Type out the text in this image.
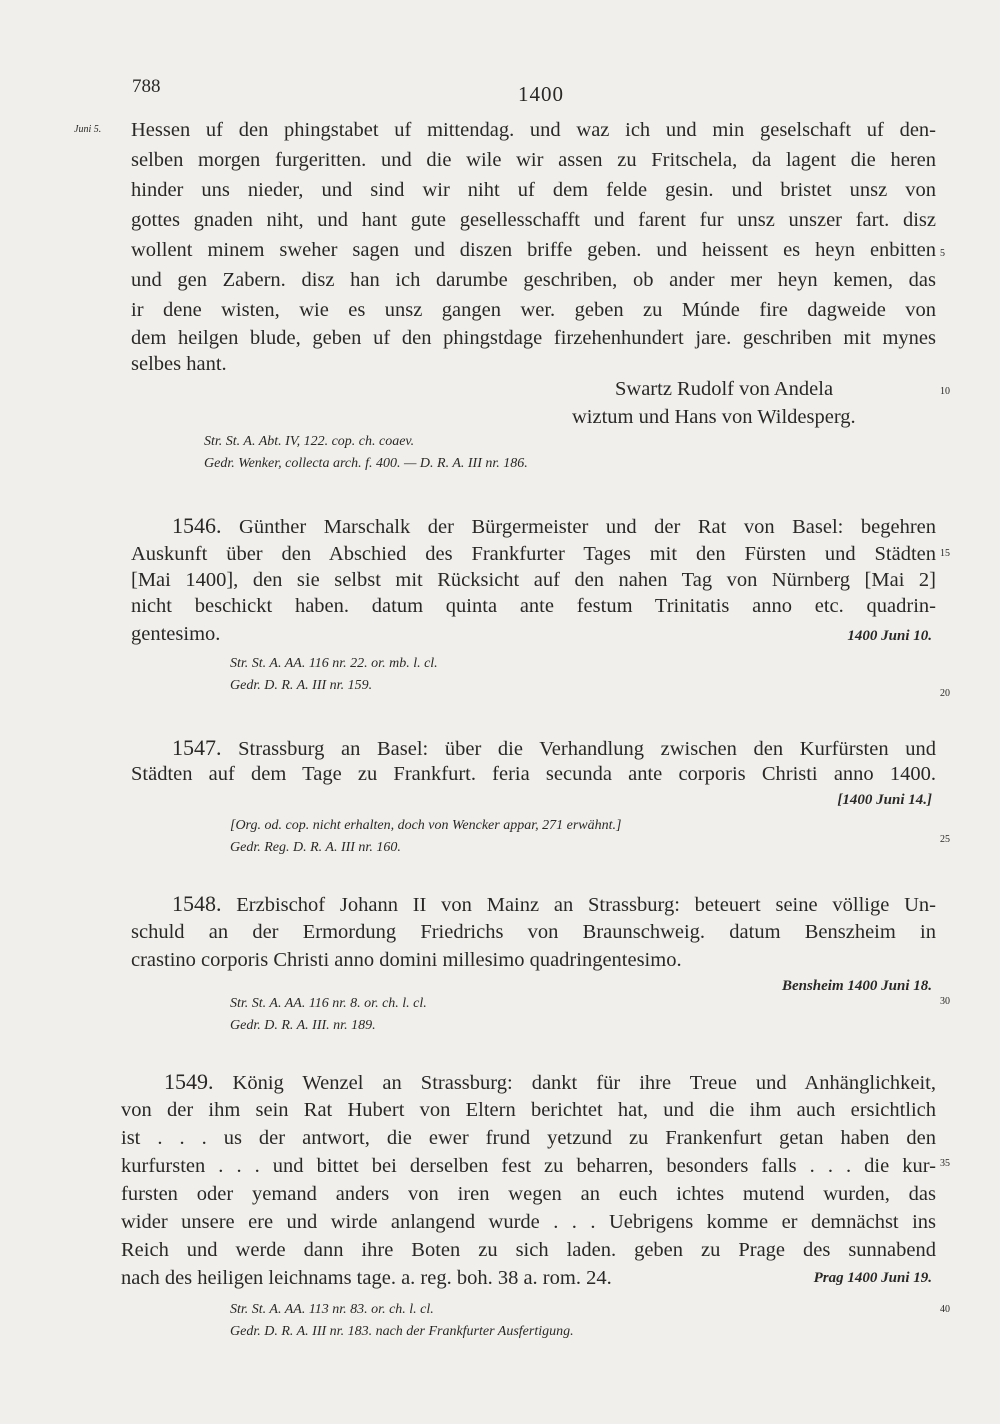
788	1400
Juni 5.
5
10
15
20
25
30
35
40
Hessen uf den phingstabet uf mittendag. und waz ich und min geselschaft uf den-
selben morgen furgeritten. und die wile wir assen zu Fritschela, da lagent die heren
hinder uns nieder, und sind wir niht uf dem felde gesin. und bristet unsz von
gottes gnaden niht, und hant gute gesellesschafft und farent fur unsz unszer fart. disz
wollent minem sweher sagen und diszen briffe geben. und heissent es heyn enbitten
und gen Zabern. disz han ich darumbe geschriben, ob ander mer heyn kemen, das
ir dene wisten, wie es unsz gangen wer. geben zu Múnde fire dagweide von
dem heilgen blude, geben uf den phingstdage firzehenhundert jare. geschriben mit mynes
selbes hant.
Swartz Rudolf von Andela
wiztum und Hans von Wildesperg.
Str. St. A. Abt. IV, 122. cop. ch. coaev.
Gedr. Wenker, collecta arch. f. 400. — D. R. A. III nr. 186.
1546. Günther Marschalk der Bürgermeister und der Rat von Basel: begehren
Auskunft über den Abschied des Frankfurter Tages mit den Fürsten und Städten
[Mai 1400], den sie selbst mit Rücksicht auf den nahen Tag von Nürnberg [Mai 2]
nicht beschickt haben. datum quinta ante festum Trinitatis anno etc. quadrin-
gentesimo.	1400 Juni 10.
Str. St. A. AA. 116 nr. 22. or. mb. l. cl.
Gedr. D. R. A. III nr. 159.
1547. Strassburg an Basel: über die Verhandlung zwischen den Kurfürsten und
Städten auf dem Tage zu Frankfurt. feria secunda ante corporis Christi anno 1400.
[1400 Juni 14.]
[Org. od. cop. nicht erhalten, doch von Wencker appar, 271 erwähnt.]
Gedr. Reg. D. R. A. III nr. 160.
1548. Erzbischof Johann II von Mainz an Strassburg: beteuert seine völlige Un-
schuld an der Ermordung Friedrichs von Braunschweig. datum Benszheim in
crastino corporis Christi anno domini millesimo quadringentesimo.
Bensheim 1400 Juni 18.
Str. St. A. AA. 116 nr. 8. or. ch. l. cl.
Gedr. D. R. A. III. nr. 189.
1549. König Wenzel an Strassburg: dankt für ihre Treue und Anhänglichkeit,
von der ihm sein Rat Hubert von Eltern berichtet hat, und die ihm auch ersichtlich
ist . . . us der antwort, die ewer frund yetzund zu Frankenfurt getan haben den
kurfursten . . . und bittet bei derselben fest zu beharren, besonders falls . . . die kur-
fursten oder yemand anders von iren wegen an euch ichtes mutend wurden, das
wider unsere ere und wirde anlangend wurde . . . Uebrigens komme er demnächst ins
Reich und werde dann ihre Boten zu sich laden. geben zu Prage des sunnabend
nach des heiligen leichnams tage. a. reg. boh. 38 a. rom. 24.	Prag 1400 Juni 19.
Str. St. A. AA. 113 nr. 83. or. ch. l. cl.
Gedr. D. R. A. III nr. 183. nach der Frankfurter Ausfertigung.
